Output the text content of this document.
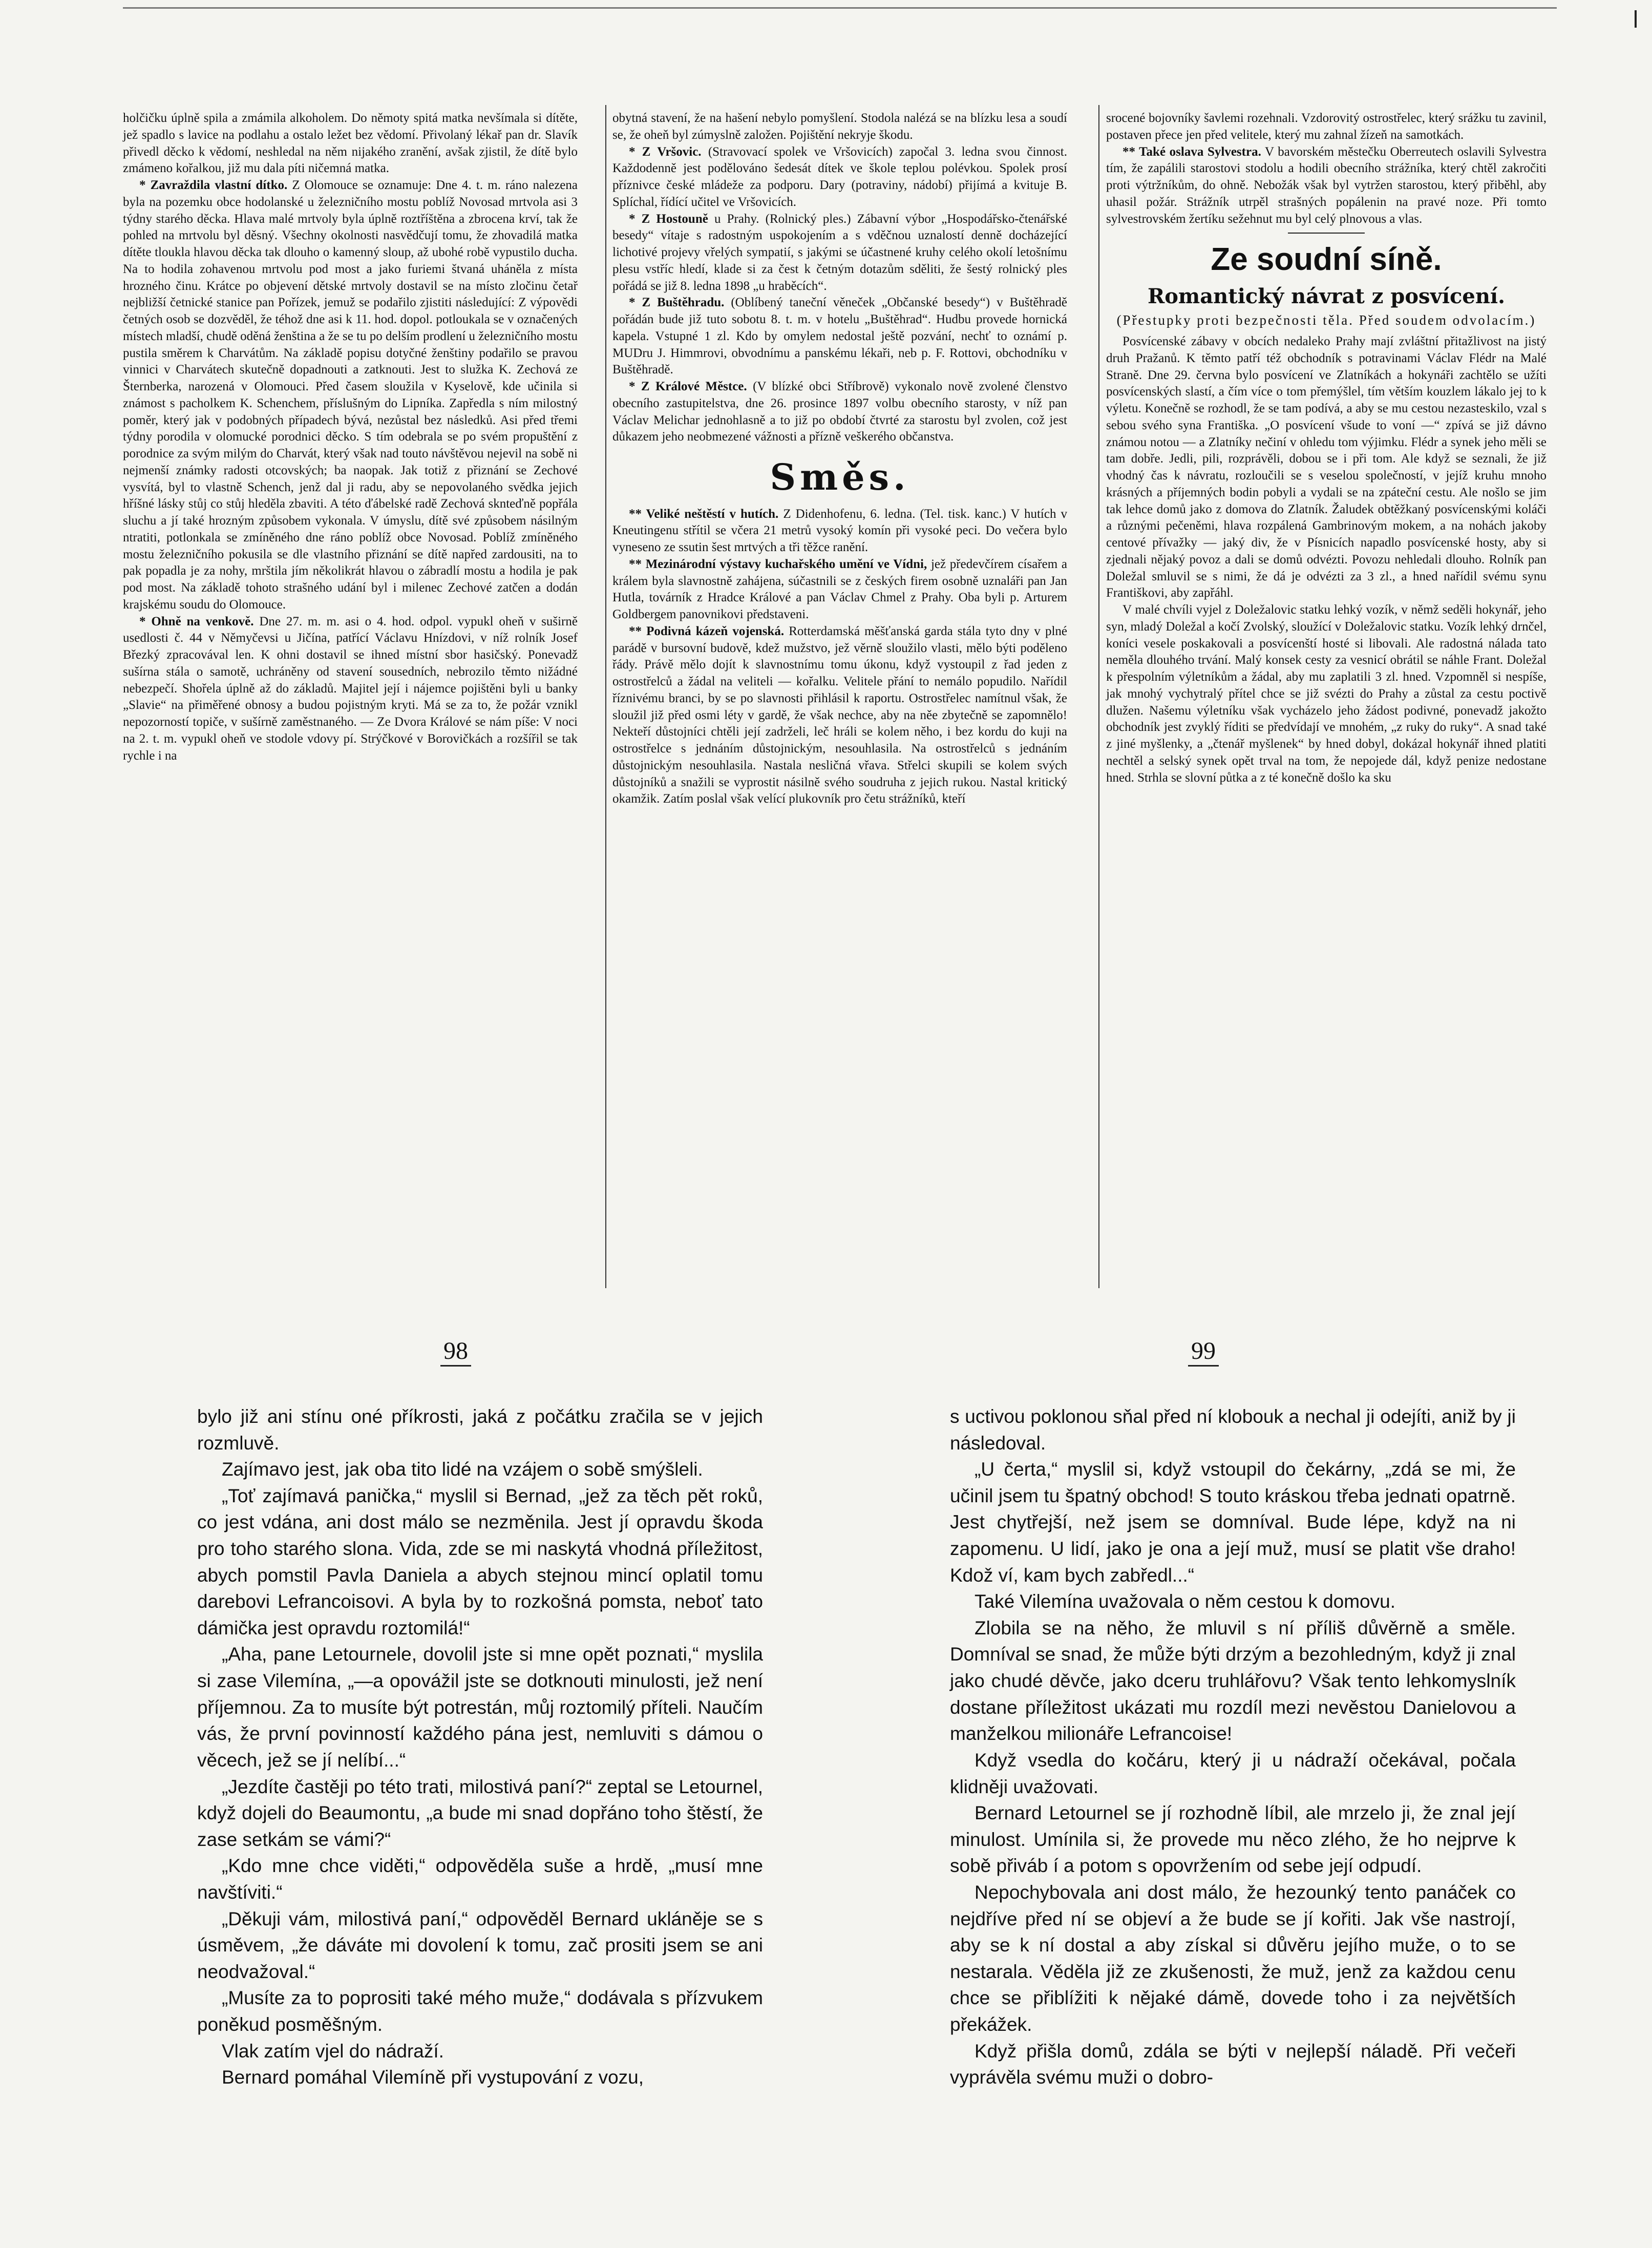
holčičku úplně spila a zmámila alkoholem. Do němoty spitá matka nevšímala si dítěte, jež spadlo s lavice na podlahu a ostalo ležet bez vědomí. Přivolaný lékař pan dr. Slavík přivedl děcko k vědomí, neshledal na něm nijakého zranění, avšak zjistil, že dítě bylo zmámeno kořalkou, již mu dala píti ničemná matka.

* Zavraždila vlastní dítko. Z Olomouce se oznamuje: Dne 4. t. m. ráno nalezena byla na pozemku obce hodolanské u železničního mostu poblíž Novosad mrtvola asi 3 týdny starého děcka. Hlava malé mrtvoly byla úplně roztříštěna a zbrocena krví, tak že pohled na mrtvolu byl děsný. Všechny okolnosti nasvědčují tomu, že zhovadilá matka dítěte tloukla hlavou děcka tak dlouho o kamenný sloup, až ubohé robě vypustilo ducha. Na to hodila zohavenou mrtvolu pod most a jako furiemi štvaná uháněla z místa hrozného činu. Krátce po objevení dětské mrtvoly dostavil se na místo zločinu četař nejbližší četnické stanice pan Pořízek, jemuž se podařilo zjistiti následující: Z výpovědi četných osob se dozvěděl, že téhož dne asi k 11. hod. dopol. potloukala se v označených místech mladší, chudě oděná ženština a že se tu po delším prodlení u železničního mostu pustila směrem k Charvátům. Na základě popisu dotyčné ženštiny podařilo se pravou vinnici v Charvátech skutečně dopadnouti a zatknouti. Jest to služka K. Zechová ze Šternberka, narozená v Olomouci. Před časem sloužila v Kyselově, kde učinila si známost s pacholkem K. Schenchem, příslušným do Lipníka. Zapředla s ním milostný poměr, který jak v podobných případech bývá, nezůstal bez následků. Asi před třemi týdny porodila v olomucké porodnici děcko. S tím odebrala se po svém propuštění z porodnice za svým milým do Charvát, který však nad touto návštěvou nejevil na sobě ni nejmenší známky radosti otcovských; ba naopak. Jak totiž z přiznání se Zechové vysvítá, byl to vlastně Schench, jenž dal ji radu, aby se nepovolaného svědka jejich hříšné lásky stůj co stůj hleděla zbaviti. A této ďábelské radě Zechová sknteďně popřála sluchu a jí také hrozným způsobem vykonala. V úmyslu, dítě své způsobem násilným ntratiti, potlonkala se zmíněného dne ráno poblíž obce Novosad. Poblíž zmíněného mostu železničního pokusila se dle vlastního přiznání se dítě napřed zardousiti, na to pak popadla je za nohy, mrštila jím několikrát hlavou o zábradlí mostu a hodila je pak pod most. Na základě tohoto strašného udání byl i milenec Zechové zatčen a dodán krajskému soudu do Olomouce.

* Ohně na venkově. Dne 27. m. m. asi o 4. hod. odpol. vypukl oheň v suširně usedlosti č. 44 v Němyčevsi u Jičína, patřící Václavu Hnízdovi, v níž rolník Josef Březký zpracovával len. K ohni dostavil se ihned místní sbor hasičský. Ponevadž sušírna stála o samotě, uchráněny od stavení sousedních, nebrozilo těmto nižádné nebezpečí. Shořela úplně až do základů. Majitel její i nájemce pojištěni byli u banky „Slavie“ na přiměřené obnosy a budou pojistným kryti. Má se za to, že požár vznikl nepozorností topiče, v sušírně zaměstnaného. — Ze Dvora Králové se nám píše: V noci na 2. t. m. vypukl oheň ve stodole vdovy pí. Strýčkové v Borovičkách a rozšířil se tak rychle i na

obytná stavení, že na hašení nebylo pomyšlení. Stodola nalézá se na blízku lesa a soudí se, že oheň byl zúmyslně založen. Pojištění nekryje škodu.

* Z Vršovic. (Stravovací spolek ve Vršovicích) započal 3. ledna svou činnost. Každodenně jest podělováno šedesát dítek ve škole teplou polévkou. Spolek prosí příznivce české mládeže za podporu. Dary (potraviny, nádobí) přijímá a kvituje B. Splíchal, řídící učitel ve Vršovicích.

* Z Hostouně u Prahy. (Rolnický ples.) Zábavní výbor „Hospodářsko-čtenářské besedy“ vítaje s radostným uspokojením a s vděčnou uznalostí denně docházející lichotivé projevy vřelých sympatií, s jakými se účastnené kruhy celého okolí letošnímu plesu vstříc hledí, klade si za čest k četným dotazům sděliti, že šestý rolnický ples pořádá se již 8. ledna 1898 „u hraběcích“.

* Z Buštěhradu. (Oblíbený taneční věneček „Občanské besedy“) v Buštěhradě pořádán bude již tuto sobotu 8. t. m. v hotelu „Buštěhrad“. Hudbu provede hornická kapela. Vstupné 1 zl. Kdo by omylem nedostal ještě pozvání, nechť to oznámí p. MUDru J. Himmrovi, obvodnímu a panskému lékaři, neb p. F. Rottovi, obchodníku v Buštěhradě.

* Z Králové Městce. (V blízké obci Stříbrově) vykonalo nově zvolené členstvo obecního zastupitelstva, dne 26. prosince 1897 volbu obecního starosty, v níž pan Václav Melichar jednohlasně a to již po období čtvrté za starostu byl zvolen, což jest důkazem jeho neobmezené vážnosti a přízně veškerého občanstva.

Směs.

** Veliké neštěstí v hutích. Z Didenhofenu, 6. ledna. (Tel. tisk. kanc.) V hutích v Kneutingenu střítil se včera 21 metrů vysoký komín při vysoké peci. Do večera bylo vyneseno ze ssutin šest mrtvých a tři těžce ranění.

** Mezinárodní výstavy kuchařského umění ve Vídni, jež předevčírem císařem a králem byla slavnostně zahájena, súčastnili se z českých firem osobně uznaláři pan Jan Hutla, továrník z Hradce Králové a pan Václav Chmel z Prahy. Oba byli p. Arturem Goldbergem panovnikovi představeni.

** Podivná kázeň vojenská. Rotterdamská měšťanská garda stála tyto dny v plné parádě v bursovní budově, kdež mužstvo, jež věrně sloužilo vlasti, mělo býti poděleno řády. Právě mělo dojít k slavnostnímu tomu úkonu, když vystoupil z řad jeden z ostrostřelců a žádal na veliteli — kořalku. Velitele přání to nemálo popudilo. Nařídil říznivému branci, by se po slavnosti přihlásil k raportu. Ostrostřelec namítnul však, že sloužil již před osmi léty v gardě, že však nechce, aby na něe zbytečně se zapomnělo! Nekteří důstojníci chtěli její zadrželi, leč hráli se kolem něho, i bez kordu do kuji na ostrostřelce s jednáním důstojnickým, nesouhlasila. Na ostrostřelců s jednáním důstojnickým nesouhlasila. Nastala nesličná vřava. Střelci skupili se kolem svých důstojníků a snažili se vyprostit násilně svého soudruha z jejich rukou. Nastal kritický okamžik. Zatím poslal však velící plukovník pro četu strážníků, kteří

srocené bojovníky šavlemi rozehnali. Vzdorovitý ostrostřelec, který srážku tu zavinil, postaven přece jen před velitele, který mu zahnal žízeň na samotkách.

** Také oslava Sylvestra. V bavorském městečku Oberreutech oslavili Sylvestra tím, že zapálili starostovi stodolu a hodili obecního strážníka, který chtěl zakročiti proti výtržníkům, do ohně. Nebožák však byl vytržen starostou, který přiběhl, aby uhasil požár. Strážník utrpěl strašných popálenin na pravé noze. Při tomto sylvestrovském žertíku sežehnut mu byl celý plnovous a vlas.

Ze soudní síně.
Romantický návrat z posvícení.
(Přestupky proti bezpečnosti těla. Před soudem odvolacím.)

Posvícenské zábavy v obcích nedaleko Prahy mají zvláštní přitažlivost na jistý druh Pražanů. K těmto patří též obchodník s potravinami Václav Flédr na Malé Straně. Dne 29. června bylo posvícení ve Zlatníkách a hokynáři zachtělo se užíti posvícenských slastí, a čím více o tom přemýšlel, tím větším kouzlem lákalo jej to k výletu. Konečně se rozhodl, že se tam podívá, a aby se mu cestou nezasteskilo, vzal s sebou svého syna Františka. „O posvícení všude to voní —“ zpívá se již dávno známou notou — a Zlatníky nečiní v ohledu tom výjimku. Flédr a synek jeho měli se tam dobře. Jedli, pili, rozprávěli, dobou se i při tom. Ale když se seznali, že již vhodný čas k návratu, rozloučili se s veselou společností, v jejíž kruhu mnoho krásných a příjemných bodin pobyli a vydali se na zpáteční cestu. Ale nošlo se jim tak lehce domů jako z domova do Zlatník. Žaludek obtěžkaný posvícenskými koláči a různými pečeněmi, hlava rozpálená Gambrinovým mokem, a na nohách jakoby centové přívažky — jaký div, že v Písnicích napadlo posvícenské hosty, aby si zjednali nějaký povoz a dali se domů odvézti. Povozu nehledali dlouho. Rolník pan Doležal smluvil se s nimi, že dá je odvézti za 3 zl., a hned nařídil svému synu Františkovi, aby zapřáhl.

V malé chvíli vyjel z Doležalovic statku lehký vozík, v němž seděli hokynář, jeho syn, mladý Doležal a kočí Zvolský, sloužící v Doležalovic statku. Vozík lehký drnčel, koníci vesele poskakovali a posvícenští hosté si libovali. Ale radostná nálada tato neměla dlouhého trvání. Malý konsek cesty za vesnicí obrátil se náhle Frant. Doležal k přespolním výletníkům a žádal, aby mu zaplatili 3 zl. hned. Vzpomněl si nespíše, jak mnohý vychytralý přítel chce se již svézti do Prahy a zůstal za cestu poctivě dlužen. Našemu výletníku však vycházelo jeho žádost podivné, ponevadž jakožto obchodník jest zvyklý říditi se předvídají ve mnohém, „z ruky do ruky“. A snad také z jiné myšlenky, a „čtenář myšlenek“ by hned dobyl, dokázal hokynář ihned platiti nechtěl a selský synek opět trval na tom, že nepojede dál, když penize nedostane hned. Strhla se slovní půtka a z té konečně došlo ka sku

98	99

bylo již ani stínu oné příkrosti, jaká z počátku zračila se v jejich rozmluvě.

Zajímavo jest, jak oba tito lidé na vzájem o sobě smýšleli.

„Toť zajímavá panička,“ myslil si Bernad, „jež za těch pět roků, co jest vdána, ani dost málo se nezměnila. Jest jí opravdu škoda pro toho starého slona. Vida, zde se mi naskytá vhodná příležitost, abych pomstil Pavla Daniela a abych stejnou mincí oplatil tomu darebovi Lefrancoisovi. A byla by to rozkošná pomsta, neboť tato dámička jest opravdu roztomilá!“

„Aha, pane Letournele, dovolil jste si mne opět poznati,“ myslila si zase Vilemína, „—a opovážil jste se dotknouti minulosti, jež není příjemnou. Za to musíte být potrestán, můj roztomilý příteli. Naučím vás, že první povinností každého pána jest, nemluviti s dámou o věcech, jež se jí nelíbí...“

„Jezdíte častěji po této trati, milostivá paní?“ zeptal se Letournel, když dojeli do Beaumontu, „a bude mi snad dopřáno toho štěstí, že zase setkám se vámi?“

„Kdo mne chce viděti,“ odpověděla suše a hrdě, „musí mne navštíviti.“

„Děkuji vám, milostivá paní,“ odpověděl Bernard ukláněje se s úsměvem, „že dáváte mi dovolení k tomu, zač prositi jsem se ani neodvažoval.“

„Musíte za to poprositi také mého muže,“ dodávala s přízvukem poněkud posměšným.

Vlak zatím vjel do nádraží.

Bernard pomáhal Vilemíně při vystupování z vozu,

s uctivou poklonou sňal před ní klobouk a nechal ji odejíti, aniž by ji následoval.

„U čerta,“ myslil si, když vstoupil do čekárny, „zdá se mi, že učinil jsem tu špatný obchod! S touto kráskou třeba jednati opatrně. Jest chytřejší, než jsem se domníval. Bude lépe, když na ni zapomenu. U lidí, jako je ona a její muž, musí se platit vše draho! Kdož ví, kam bych zabředl...“

Také Vilemína uvažovala o něm cestou k domovu.

Zlobila se na něho, že mluvil s ní příliš důvěrně a směle. Domníval se snad, že může býti drzým a bezohledným, když ji znal jako chudé děvče, jako dceru truhlářovu? Však tento lehkomyslník dostane příležitost ukázati mu rozdíl mezi nevěstou Danielovou a manželkou milionáře Lefrancoise!

Když vsedla do kočáru, který ji u nádraží očekával, počala klidněji uvažovati.

Bernard Letournel se jí rozhodně líbil, ale mrzelo ji, že znal její minulost. Umínila si, že provede mu něco zlého, že ho nejprve k sobě přiváb í a potom s opovržením od sebe její odpudí.

Nepochybovala ani dost málo, že hezounký tento panáček co nejdříve před ní se objeví a že bude se jí kořiti. Jak vše nastrojí, aby se k ní dostal a aby získal si důvěru jejího muže, o to se nestarala. Věděla již ze zkušenosti, že muž, jenž za každou cenu chce se přiblížiti k nějaké dámě, dovede toho i za největších překážek.

Když přišla domů, zdála se býti v nejlepší náladě. Při večeři vyprávěla svému muži o dobro-
